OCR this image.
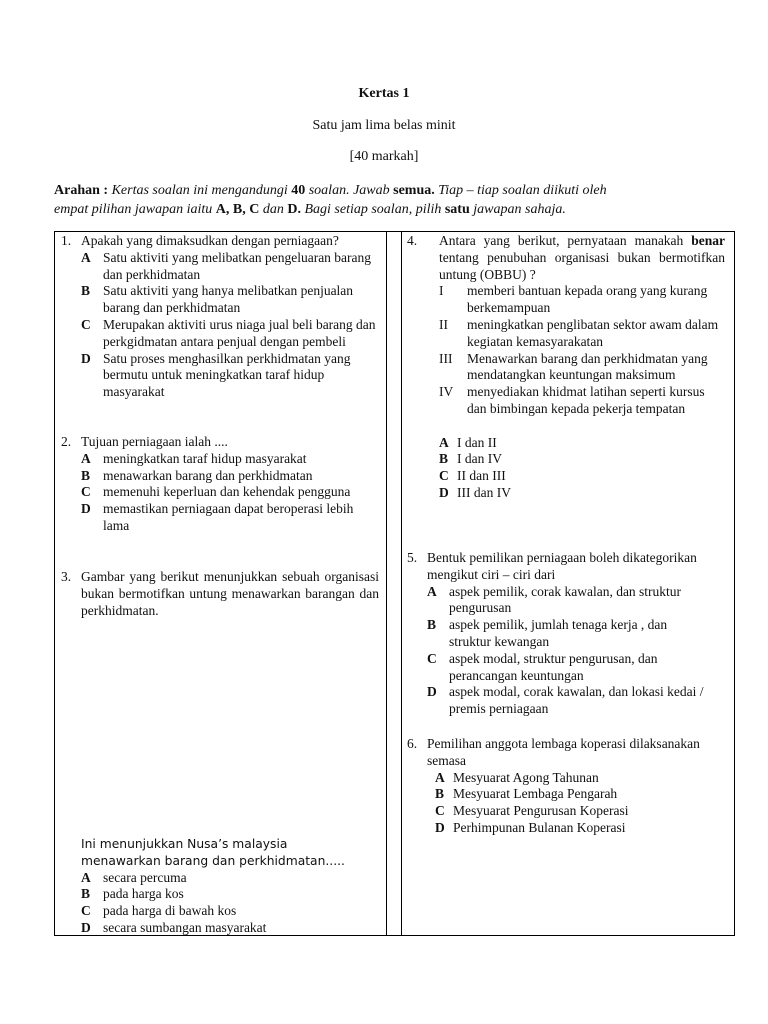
Kertas 1
Satu jam lima belas minit
[40 markah]
Arahan : Kertas soalan ini mengandungi 40 soalan. Jawab semua. Tiap – tiap soalan diikuti oleh
empat pilihan jawapan iaitu A, B, C dan D. Bagi setiap soalan, pilih satu jawapan sahaja.
1. Apakah yang dimaksudkan dengan perniagaan?
A Satu aktiviti yang melibatkan pengeluaran barang dan perkhidmatan
B Satu aktiviti yang hanya melibatkan penjualan barang dan perkhidmatan
C Merupakan aktiviti urus niaga jual beli barang dan perkgidmatan antara penjual dengan pembeli
D Satu proses menghasilkan perkhidmatan yang bermutu untuk meningkatkan taraf hidup masyarakat
2. Tujuan perniagaan ialah ....
A meningkatkan taraf hidup masyarakat
B menawarkan barang dan perkhidmatan
C memenuhi keperluan dan kehendak pengguna
D memastikan perniagaan dapat beroperasi lebih lama
3. Gambar yang berikut menunjukkan sebuah organisasi bukan bermotifkan untung menawarkan barangan dan perkhidmatan.
Ini menunjukkan Nusa’s malaysia menawarkan barang dan perkhidmatan.....
A secara percuma
B pada harga kos
C pada harga di bawah kos
D secara sumbangan masyarakat
4.	Antara yang berikut, pernyataan manakah benar tentang penubuhan organisasi bukan bermotifkan untung (OBBU) ?
I	memberi bantuan kepada orang yang kurang berkemampuan
II	meningkatkan penglibatan sektor awam dalam kegiatan kemasyarakatan
III	Menawarkan barang dan perkhidmatan yang mendatangkan keuntungan maksimum
IV	menyediakan khidmat latihan seperti kursus dan bimbingan kepada pekerja tempatan
A I dan II
B I dan IV
C II dan III
D III dan IV
5. Bentuk pemilikan perniagaan boleh dikategorikan mengikut ciri – ciri dari
A aspek pemilik, corak kawalan, dan struktur pengurusan
B aspek pemilik, jumlah tenaga kerja , dan struktur kewangan
C aspek modal, struktur pengurusan, dan perancangan keuntungan
D aspek modal, corak kawalan, dan lokasi kedai / premis perniagaan
6. Pemilihan anggota lembaga koperasi dilaksanakan semasa
A Mesyuarat Agong Tahunan
B Mesyuarat Lembaga Pengarah
C Mesyuarat Pengurusan Koperasi
D Perhimpunan Bulanan Koperasi
